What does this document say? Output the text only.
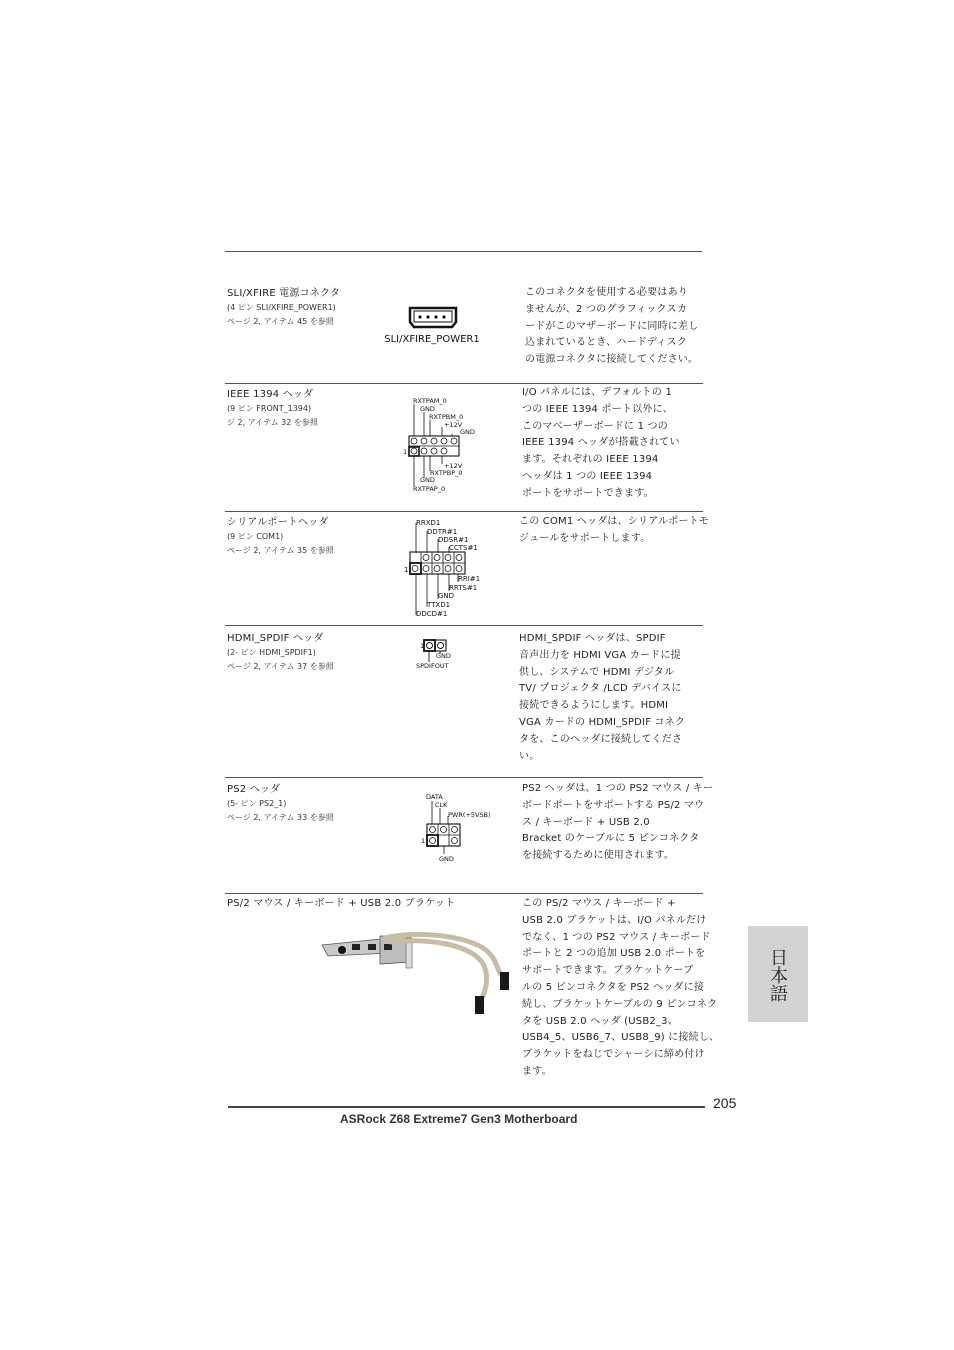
SLI/XFIRE 電源コネクタ
(4 ピン SLI/XFIRE_POWER1)
ページ 2, アイテム 45 を参照
SLI/XFIRE_POWER1
このコネクタを使用する必要はあり
ませんが、2 つのグラフィックスカ
ードがこのマザーボードに同時に差し
込まれているとき、ハードディスク
の電源コネクタに接続してください。
IEEE 1394 ヘッダ
(9 ピン FRONT_1394)
ジ 2, アイテム 32 を参照
RXTPAM_0
GND
RXTPBM_0
+12V
GND
+12V
RXTPBP_0
GND
RXTPAP_0
1
I/O パネルには、デフォルトの 1
つの IEEE 1394 ポート以外に、
このマべーザーボードに 1 つの
IEEE 1394 ヘッダが搭載されてい
ます。それぞれの IEEE 1394
ヘッダは 1 つの IEEE 1394
ポートをサポートできます。
シリアルポートヘッダ
(9 ピン COM1)
ページ 2, アイテム 35 を参照
RRXD1
DDTR#1
DDSR#1
CCTS#1
RRI#1
RRTS#1
GND
TTXD1
DDCD#1
1
この COM1 ヘッダは、シリアルポートモ
ジュールをサポートします。
HDMI_SPDIF ヘッダ
(2- ピン HDMI_SPDIF1)
ページ 2, アイテム 37 を参照
1
GND
SPDIFOUT
HDMI_SPDIF ヘッダは、SPDIF
音声出力を HDMI VGA カードに提
供し、システムで HDMI デジタル
TV/ プロジェクタ /LCD デバイスに
接続できるようにします。HDMI
VGA カードの HDMI_SPDIF コネク
タを、このヘッダに接続してくださ
い。
PS2 ヘッダ
(5- ピン PS2_1)
ページ 2, アイテム 33 を参照
DATA
CLK
PWR(+5VSB)
1
GND
PS2 ヘッダは、1 つの PS2 マウス / キー
ボードポートをサポートする PS/2 マウ
ス / キーボード + USB 2.0
Bracket のケーブルに 5 ピンコネクタ
を接続するために使用されます。
PS/2 マウス / キーボード + USB 2.0 ブラケット	この PS/2 マウス / キーボード +
USB 2.0 ブラケットは、I/O パネルだけ
でなく、1 つの PS2 マウス / キーボード
ポートと 2 つの追加 USB 2.0 ポートを
サポートできます。ブラケットケーブ
ルの 5 ピンコネクタを PS2 ヘッダに接
続し、ブラケットケーブルの 9 ピンコネク
タを USB 2.0 ヘッダ (USB2_3、
USB4_5、USB6_7、USB8_9) に接続し、
ブラケットをねじでシャーシに締め付け
ます。
日本語
205
ASRock Z68 Extreme7 Gen3 Motherboard
